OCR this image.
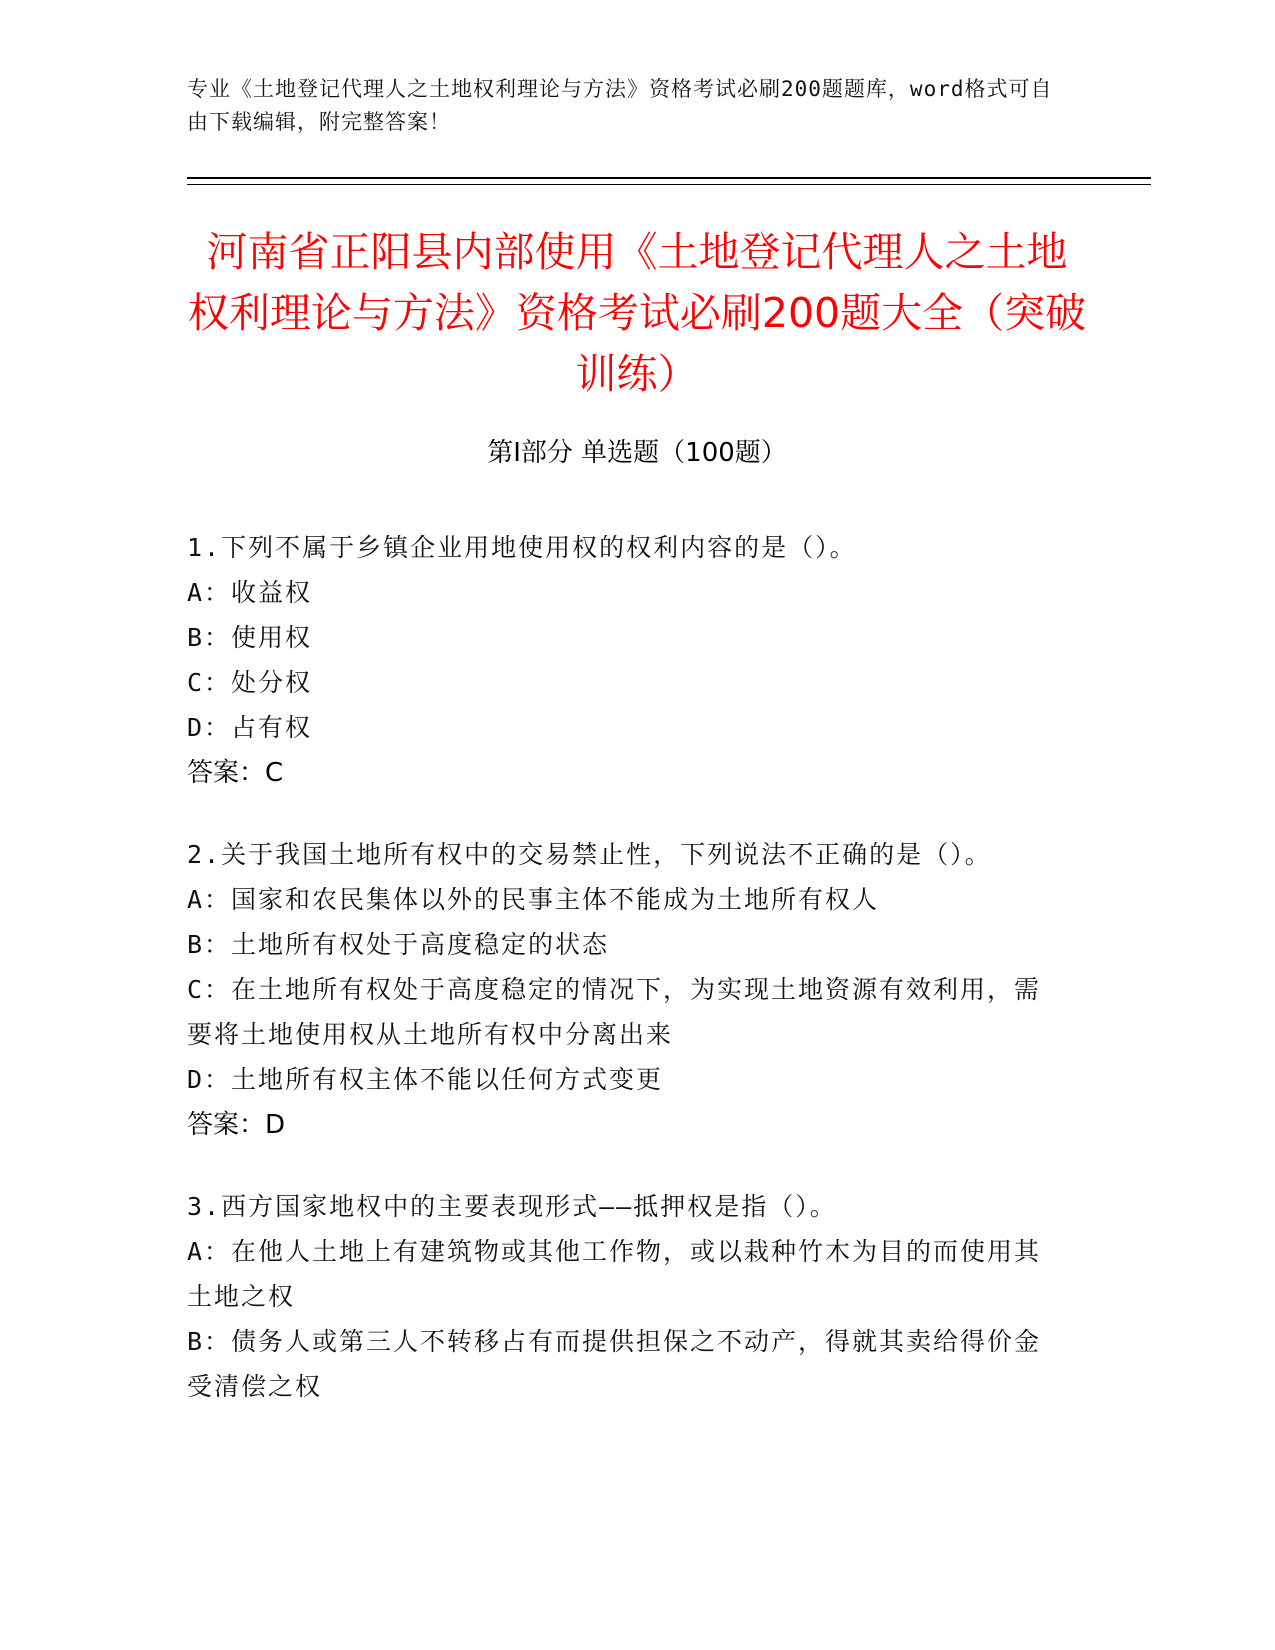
专业《土地登记代理人之土地权利理论与方法》资格考试必刷200题题库，word格式可自由下载编辑，附完整答案！
河南省正阳县内部使用《土地登记代理人之土地权利理论与方法》资格考试必刷200题大全（突破训练）
第Ⅰ部分 单选题（100题）

1.下列不属于乡镇企业用地使用权的权利内容的是（）。

A：收益权

B：使用权

C：处分权

D：占有权

答案：C

2.关于我国土地所有权中的交易禁止性，下列说法不正确的是（）。

A：国家和农民集体以外的民事主体不能成为土地所有权人

B：土地所有权处于高度稳定的状态

C：在土地所有权处于高度稳定的情况下，为实现土地资源有效利用，需要将土地使用权从土地所有权中分离出来

D：土地所有权主体不能以任何方式变更

答案：D

3.西方国家地权中的主要表现形式——抵押权是指（）。

A：在他人土地上有建筑物或其他工作物，或以栽种竹木为目的而使用其土地之权

B：债务人或第三人不转移占有而提供担保之不动产，得就其卖给得价金受清偿之权
